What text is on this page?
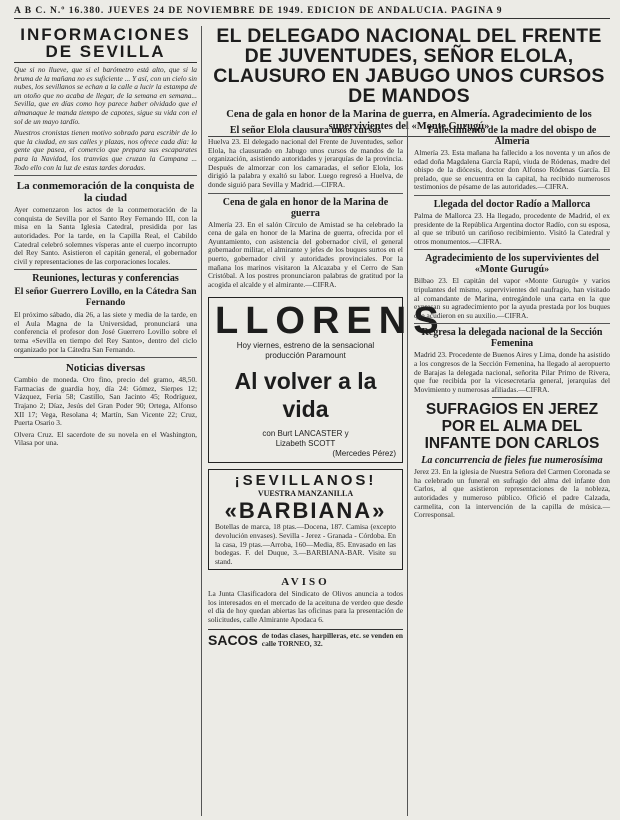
A B C. N.º 16.380. JUEVES 24 DE NOVIEMBRE DE 1949. EDICION DE ANDALUCIA. PAGINA 9
INFORMACIONES DE SEVILLA
Que si no llueve, que si el barómetro está alto, que si la bruma de la mañana no es suficiente ... Y así, con un cielo sin nubes, los sevillanos se echan a la calle a lucir la estampa de un otoño que no acaba de llegar, de la semana en semana... Sevilla, que en días como hoy parece haber olvidado que el almanaque le manda tiempo de capotes, sigue su vida con el sol de un mayo tardío.
Nuestros cronistas tienen motivo sobrado para escribir de lo que la ciudad, en sus calles y plazas, nos ofrece cada día: la gente que pasea, el comercio que prepara sus escaparates para la Navidad, los tranvías que cruzan la Campana ... Todo ello con la luz de estas tardes doradas.
La conmemoración de la conquista de la ciudad
Ayer comenzaron los actos de la conmemoración de la conquista de Sevilla por el Santo Rey Fernando III, con la misa en la Santa Iglesia Catedral, presidida por las autoridades. Por la tarde, en la Capilla Real, el Cabildo Catedral celebró solemnes vísperas ante el cuerpo incorrupto del Rey Santo. Asistieron el capitán general, el gobernador civil y representaciones de las corporaciones locales.
Reuniones, lecturas y conferencias
El señor Guerrero Lovillo, en la Cátedra San Fernando
El próximo sábado, día 26, a las siete y media de la tarde, en el Aula Magna de la Universidad, pronunciará una conferencia el profesor don José Guerrero Lovillo sobre el tema «Sevilla en tiempo del Rey Santo», dentro del ciclo organizado por la Cátedra San Fernando.
Noticias diversas
Cambio de moneda. Oro fino, precio del gramo, 48,50. Farmacias de guardia hoy, día 24: Gómez, Sierpes 12; Vázquez, Feria 58; Castillo, San Jacinto 45; Rodríguez, Trajano 2; Díaz, Jesús del Gran Poder 90; Ortega, Alfonso XII 17; Vega, Resolana 4; Martín, San Vicente 22; Cruz, Puerta Osario 3.
Olvera Cruz. El sacerdote de su novela en el Washington, Vilasa por una.
EL DELEGADO NACIONAL DEL FRENTE DE JUVENTUDES, SEÑOR ELOLA, CLAUSURO EN JABUGO UNOS CURSOS DE MANDOS
Cena de gala en honor de la Marina de guerra, en Almería. Agradecimiento de los supervivientes del «Monte Gurugú»
El señor Elola clausura unos cursos
Huelva 23. El delegado nacional del Frente de Juventudes, señor Elola, ha clausurado en Jabugo unos cursos de mandos de la organización, asistiendo autoridades y jerarquías de la provincia. Después de almorzar con los camaradas, el señor Elola, los dirigió la palabra y exaltó su labor. Luego regresó a Huelva, de donde siguió para Sevilla y Madrid.—CIFRA.
Cena de gala en honor de la Marina de guerra
Almería 23. En el salón Círculo de Amistad se ha celebrado la cena de gala en honor de la Marina de guerra, ofrecida por el Ayuntamiento, con asistencia del gobernador civil, el general gobernador militar, el almirante y jefes de los buques surtos en el puerto, gobernador civil y autoridades provinciales. Por la mañana los marinos visitaron la Alcazaba y el Cerro de San Cristóbal. A los postres pronunciaron palabras de gratitud por la acogida el alcalde y el almirante.—CIFRA.
LLORENS
Hoy viernes, estreno de la sensacional
producción Paramount
Al volver a la vida
con Burt LANCASTER y
Lizabeth SCOTT
(Mercedes Pérez)
¡SEVILLANOS!
VUESTRA MANZANILLA
«BARBIANA»
Botellas de marca, 18 ptas.—Docena, 187. Camisa (excepto devolución envases). Sevilla - Jerez - Granada - Córdoba. En la casa, 19 ptas.—Arroba, 160—Media, 85. Envasado en las bodegas. F. del Duque, 3.—BARBIANA-BAR. Visite su stand.
AVISO
La Junta Clasificadora del Sindicato de Olivos anuncia a todos los interesados en el mercado de la aceituna de verdeo que desde el día de hoy quedan abiertas las oficinas para la presentación de solicitudes, calle Almirante Apodaca 6.
SACOS de todas clases, harpilleras, etc. se venden en calle TORNEO, 32.
Fallecimiento de la madre del obispo de Almería
Almería 23. Esta mañana ha fallecido a los noventa y un años de edad doña Magdalena García Rapú, viuda de Ródenas, madre del obispo de la diócesis, doctor don Alfonso Ródenas García. El prelado, que se encuentra en la capital, ha recibido numerosos testimonios de pésame de las autoridades.—CIFRA.
Llegada del doctor Radío a Mallorca
Palma de Mallorca 23. Ha llegado, procedente de Madrid, el ex presidente de la República Argentina doctor Radío, con su esposa, al que se tributó un cariñoso recibimiento. Visitó la Catedral y otros monumentos.—CIFRA.
Agradecimiento de los supervivientes del «Monte Gurugú»
Bilbao 23. El capitán del vapor «Monte Gurugú» y varios tripulantes del mismo, supervivientes del naufragio, han visitado al comandante de Marina, entregándole una carta en la que expresan su agradecimiento por la ayuda prestada por los buques que acudieron en su auxilio.—CIFRA.
Regresa la delegada nacional de la Sección Femenina
Madrid 23. Procedente de Buenos Aires y Lima, donde ha asistido a los congresos de la Sección Femenina, ha llegado al aeropuerto de Barajas la delegada nacional, señorita Pilar Primo de Rivera, que fue recibida por la vicesecretaria general, jerarquías del Movimiento y numerosas afiliadas.—CIFRA.
SUFRAGIOS EN JEREZ POR EL ALMA DEL INFANTE DON CARLOS
La concurrencia de fieles fue numerosísima
Jerez 23. En la iglesia de Nuestra Señora del Carmen Coronada se ha celebrado un funeral en sufragio del alma del infante don Carlos, al que asistieron representaciones de la nobleza, autoridades y numeroso público. Ofició el padre Calzada, carmelita, con la intervención de la capilla de música.—Corresponsal.
